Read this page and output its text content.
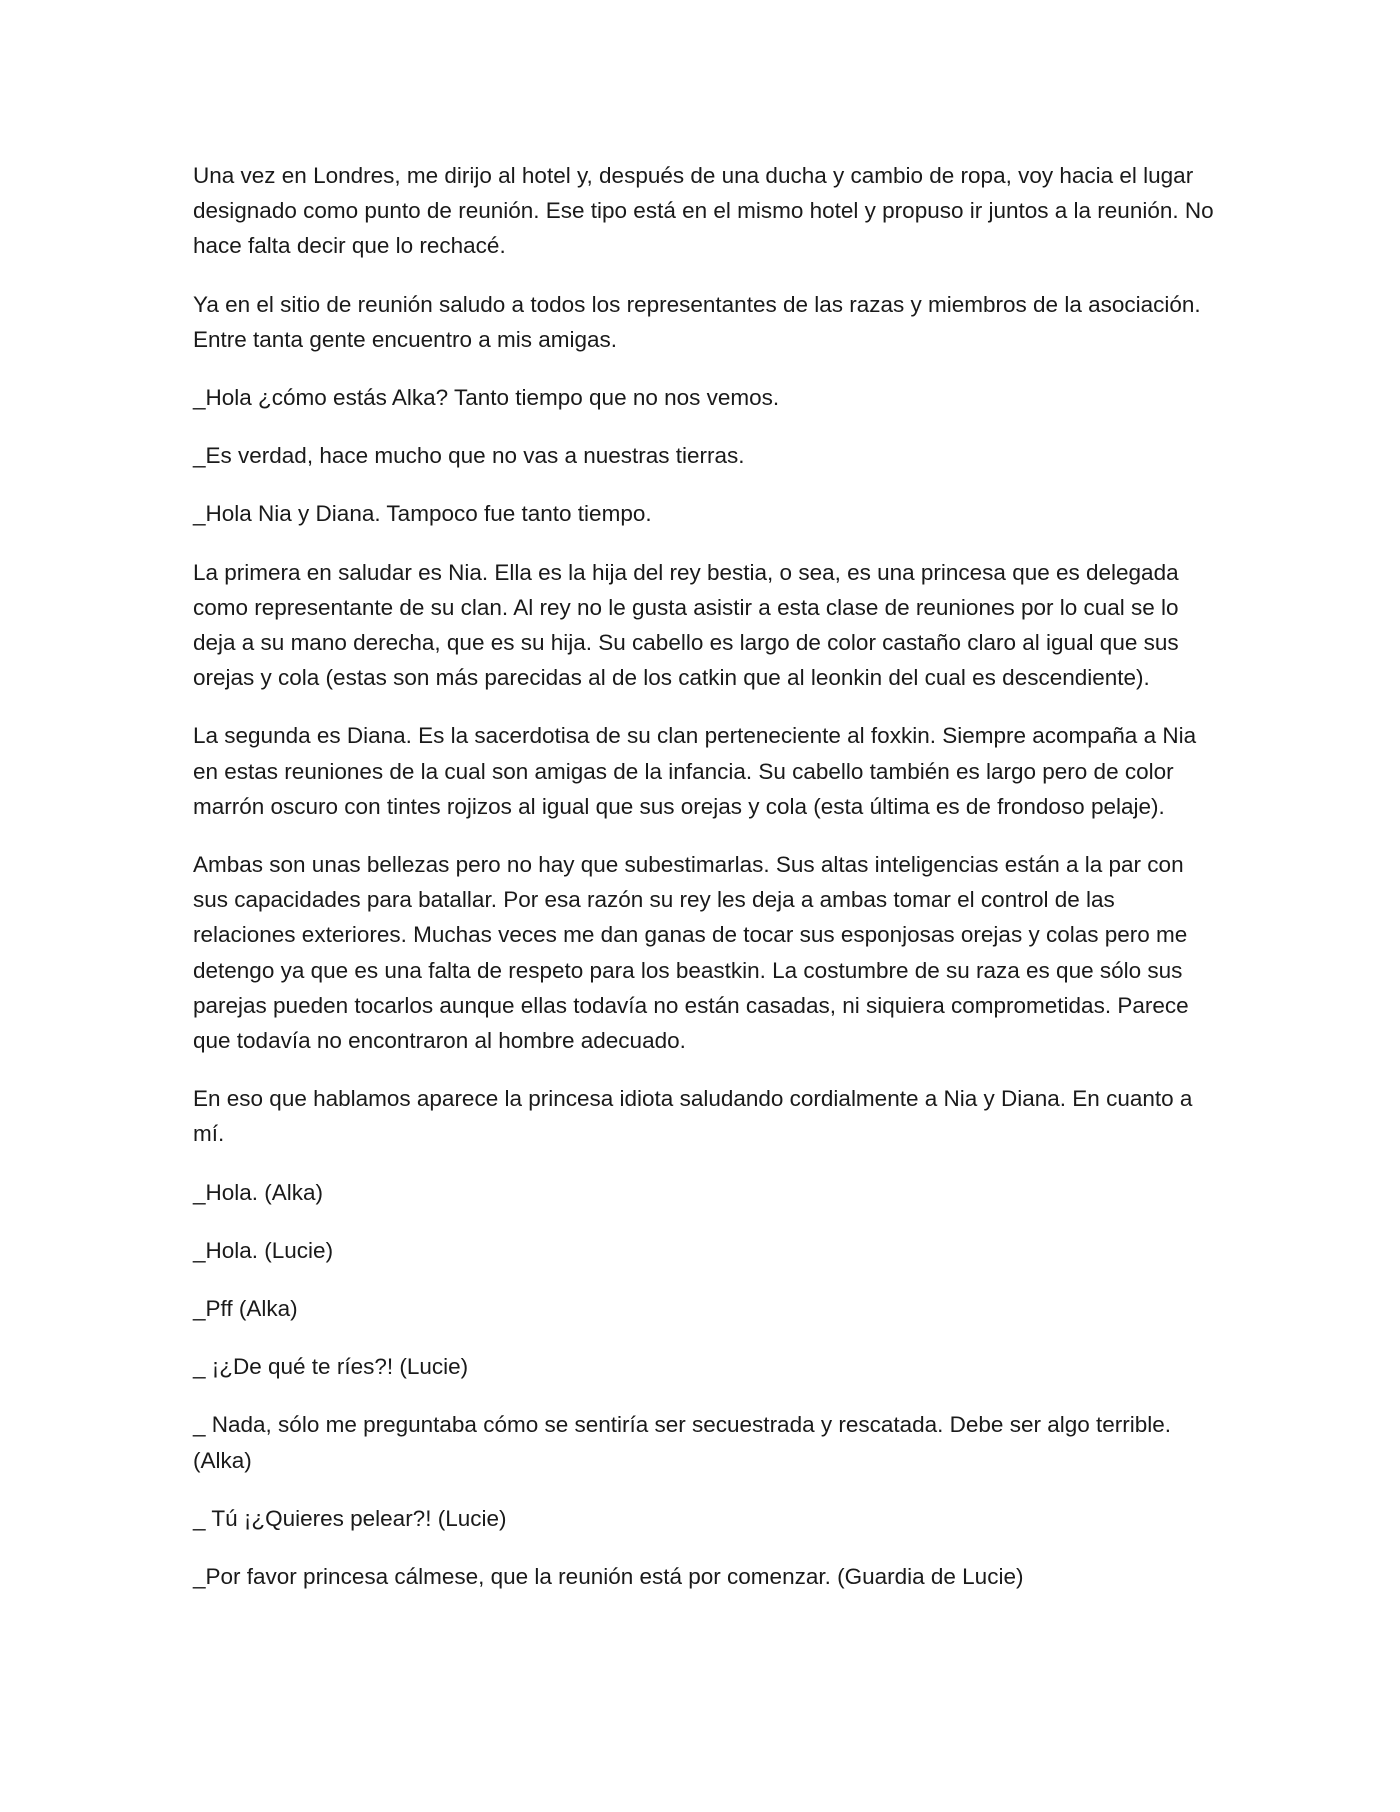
Una vez en Londres, me dirijo al hotel y, después de una ducha y cambio de ropa, voy hacia el lugar designado como punto de reunión. Ese tipo está en el mismo hotel y propuso ir juntos a la reunión. No hace falta decir que lo rechacé.

Ya en el sitio de reunión saludo a todos los representantes de las razas y miembros de la asociación. Entre tanta gente encuentro a mis amigas.

_Hola ¿cómo estás Alka? Tanto tiempo que no nos vemos.

_Es verdad, hace mucho que no vas a nuestras tierras.

_Hola Nia y Diana. Tampoco fue tanto tiempo.

La primera en saludar es Nia. Ella es la hija del rey bestia, o sea, es una princesa que es delegada como representante de su clan. Al rey no le gusta asistir a esta clase de reuniones por lo cual se lo deja a su mano derecha, que es su hija. Su cabello es largo de color castaño claro al igual que sus orejas y cola (estas son más parecidas al de los catkin que al leonkin del cual es descendiente).

La segunda es Diana. Es la sacerdotisa de su clan perteneciente al foxkin. Siempre acompaña a Nia en estas reuniones de la cual son amigas de la infancia. Su cabello también es largo pero de color marrón oscuro con tintes rojizos al igual que sus orejas y cola (esta última es de frondoso pelaje).

Ambas son unas bellezas pero no hay que subestimarlas. Sus altas inteligencias están a la par con sus capacidades para batallar. Por esa razón su rey les deja a ambas tomar el control de las relaciones exteriores. Muchas veces me dan ganas de tocar sus esponjosas orejas y colas pero me detengo ya que es una falta de respeto para los beastkin. La costumbre de su raza es que sólo sus parejas pueden tocarlos aunque ellas todavía no están casadas, ni siquiera comprometidas. Parece que todavía no encontraron al hombre adecuado.

En eso que hablamos aparece la princesa idiota saludando cordialmente a Nia y Diana. En cuanto a mí.

_Hola. (Alka)

_Hola. (Lucie)

_Pff (Alka)

_ ¡¿De qué te ríes?! (Lucie)

_ Nada, sólo me preguntaba cómo se sentiría ser secuestrada y rescatada. Debe ser algo terrible. (Alka)

_ Tú ¡¿Quieres pelear?! (Lucie)

_Por favor princesa cálmese, que la reunión está por comenzar. (Guardia de Lucie)
